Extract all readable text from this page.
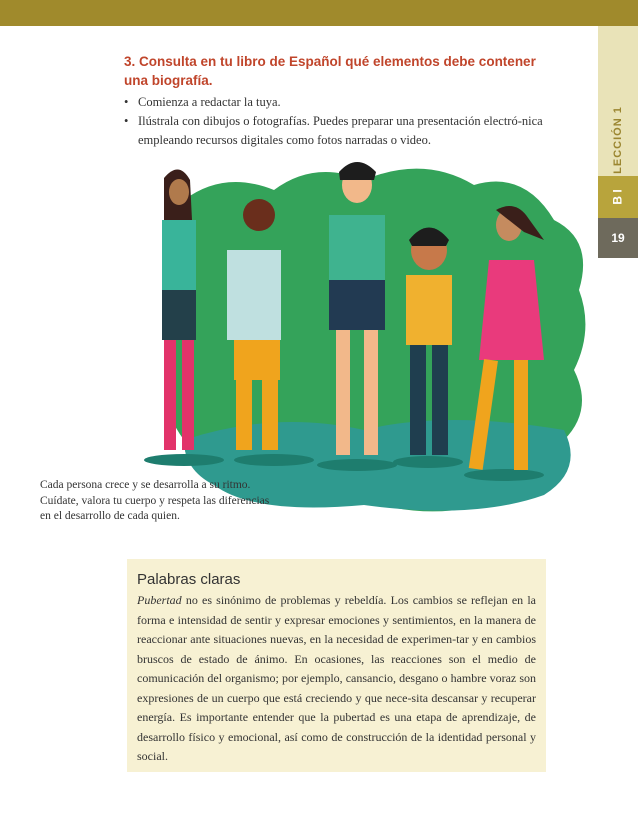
LECCIÓN 1
B I
19
3. Consulta en tu libro de Español qué elementos debe contener una biografía.
• Comienza a redactar la tuya.
• Ilústrala con dibujos o fotografías. Puedes preparar una presentación electró-nica empleando recursos digitales como fotos narradas o video.
Cada persona crece y se desarrolla a su ritmo.
Cuídate, valora tu cuerpo y respeta las diferencias
en el desarrollo de cada quien.
Palabras claras
Pubertad no es sinónimo de problemas y rebeldía. Los cambios se reflejan en la forma e intensidad de sentir y expresar emociones y sentimientos, en la manera de reaccionar ante situaciones nuevas, en la necesidad de experimen-tar y en cambios bruscos de estado de ánimo. En ocasiones, las reacciones son el medio de comunicación del organismo; por ejemplo, cansancio, desgano o hambre voraz son expresiones de un cuerpo que está creciendo y que nece-sita descansar y recuperar energía. Es importante entender que la pubertad es una etapa de aprendizaje, de desarrollo físico y emocional, así como de construcción de la identidad personal y social.
